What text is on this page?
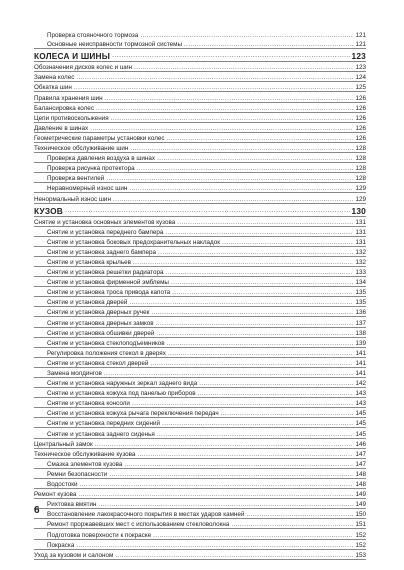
Проверка стояночного тормоза .....	121
Основные неисправности тормозной системы .....	121
КОЛЕСА И ШИНЫ .....	123
Обозначения дисков колес и шин .....	123
Замена колес .....	124
Обкатка шин .....	125
Правила хранения шин .....	126
Балансировка колес .....	126
Цепи противоскольжения .....	126
Давление в шинах .....	126
Геометрические параметры установки колес .....	126
Техническое обслуживание шин .....	128
Проверка давления воздуха в шинах .....	128
Проверка рисунка протектора .....	128
Проверка вентилей .....	128
Неравномерный износ шин .....	129
Ненормальный износ шин .....	129
КУЗОВ .....	130
Снятие и установка основных элементов кузова .....	131
Снятие и установка переднего бампера .....	131
Снятие и установка боковых предохранительных накладок .....	131
Снятие и установка заднего бампера .....	132
Снятие и установка крыльев .....	132
Снятие и установка решетки радиатора .....	133
Снятие и установка фирменной эмблемы .....	134
Снятие и установка троса привода капота .....	135
Снятие и установка дверей .....	135
Снятие и установка дверных ручек .....	136
Снятие и установка дверных замков .....	137
Снятие и установка обшивки дверей .....	138
Снятие и установка стеклоподъемников .....	139
Регулировка положения стекол в дверях .....	141
Снятие и установка стекол дверей .....	141
Замена молдингов .....	141
Снятие и установка наружных зеркал заднего вида .....	142
Снятие и установка кожуха под панелью приборов .....	143
Снятие и установка консоли .....	143
Снятие и установка кожуха рычага переключения передач .....	145
Снятие и установка передних сидений .....	145
Снятие и установка заднего сиденья .....	145
Центральный замок .....	146
Техническое обслуживание кузова .....	147
Смазка элементов кузова .....	147
Ремни безопасности .....	148
Водостоки .....	148
Ремонт кузова .....	149
Рихтовка вмятин .....	149
Восстановление лакокрасочного покрытия в местах ударов камней .....	150
Ремонт проржавевших мест с использованием стекловолокна .....	151
Подготовка поверхности к покраске .....	152
Покраска .....	152
Уход за кузовом и салоном .....	153
6
